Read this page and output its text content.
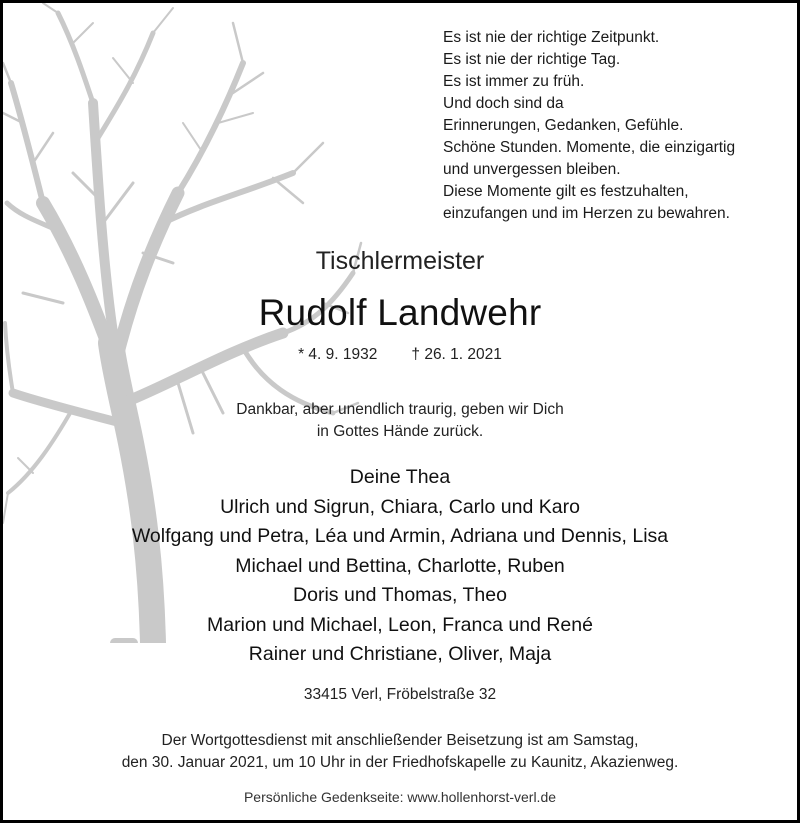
Es ist nie der richtige Zeitpunkt.
Es ist nie der richtige Tag.
Es ist immer zu früh.
Und doch sind da
Erinnerungen, Gedanken, Gefühle.
Schöne Stunden. Momente, die einzigartig
und unvergessen bleiben.
Diese Momente gilt es festzuhalten,
einzufangen und im Herzen zu bewahren.
Tischlermeister
Rudolf Landwehr
* 4. 9. 1932 † 26. 1. 2021
Dankbar, aber unendlich traurig, geben wir Dich
in Gottes Hände zurück.
Deine Thea
Ulrich und Sigrun, Chiara, Carlo und Karo
Wolfgang und Petra, Léa und Armin, Adriana und Dennis, Lisa
Michael und Bettina, Charlotte, Ruben
Doris und Thomas, Theo
Marion und Michael, Leon, Franca und René
Rainer und Christiane, Oliver, Maja
33415 Verl, Fröbelstraße 32
Der Wortgottesdienst mit anschließender Beisetzung ist am Samstag,
den 30. Januar 2021, um 10 Uhr in der Friedhofskapelle zu Kaunitz, Akazienweg.
Persönliche Gedenkseite: www.hollenhorst-verl.de
